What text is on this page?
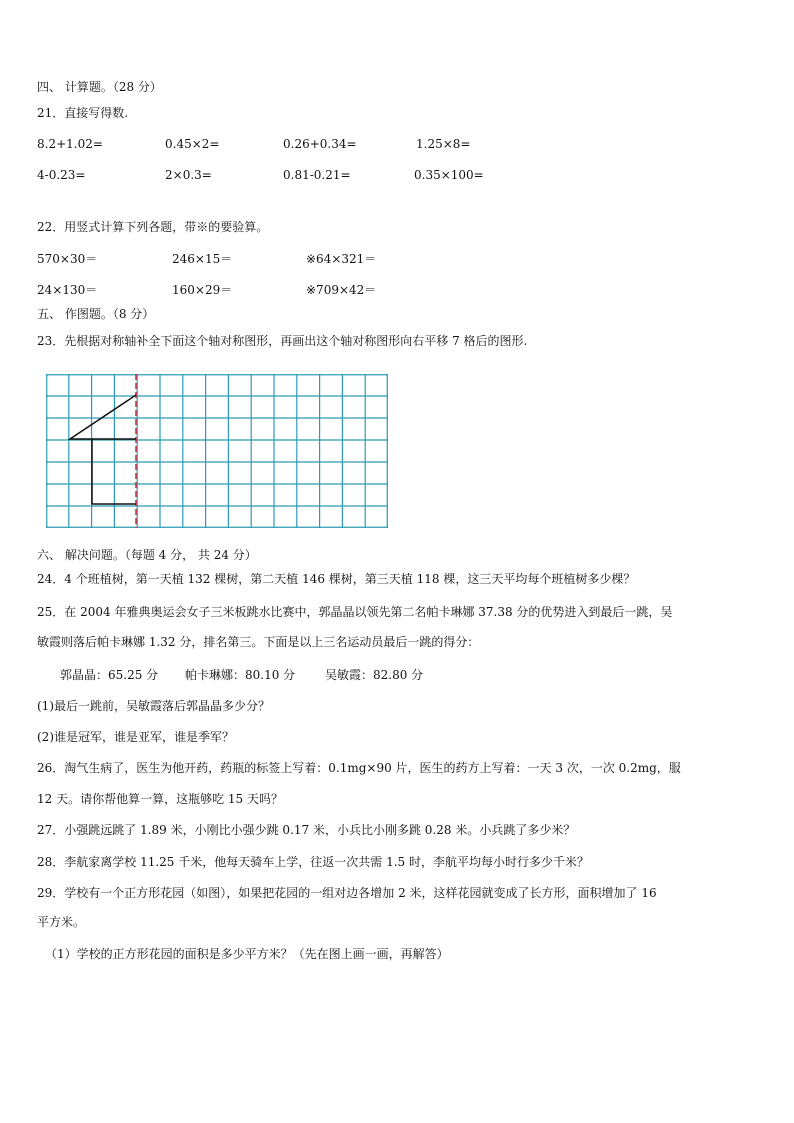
四、 计算题。（28 分）
21．直接写得数.
8.2+1.02=	0.45×2=	0.26+0.34=	1.25×8=
4-0.23=	2×0.3=	0.81-0.21=	0.35×100=
22．用竖式计算下列各题，带※的要验算。
570×30＝	246×15＝	※64×321＝
24×130＝	160×29＝	※709×42＝
五、 作图题。（8 分）
23．先根据对称轴补全下面这个轴对称图形，再画出这个轴对称图形向右平移 7 格后的图形.
六、 解决问题。（每题 4 分， 共 24 分）
24．4 个班植树，第一天植 132 棵树，第二天植 146 棵树，第三天植 118 棵，这三天平均每个班植树多少棵？
25．在 2004 年雅典奥运会女子三米板跳水比赛中，郭晶晶以领先第二名帕卡琳娜 37.38 分的优势进入到最后一跳，吴
敏霞则落后帕卡琳娜 1.32 分，排名第三。下面是以上三名运动员最后一跳的得分：
郭晶晶：65.25 分 帕卡琳娜：80.10 分 吴敏霞：82.80 分
(1)最后一跳前，吴敏霞落后郭晶晶多少分？
(2)谁是冠军，谁是亚军，谁是季军？
26．淘气生病了，医生为他开药，药瓶的标签上写着：0.1mg×90 片，医生的药方上写着：一天 3 次，一次 0.2mg，服
12 天。请你帮他算一算，这瓶够吃 15 天吗？
27．小强跳远跳了 1.89 米，小刚比小强少跳 0.17 米，小兵比小刚多跳 0.28 米。小兵跳了多少米？
28．李航家离学校 11.25 千米，他每天骑车上学，往返一次共需 1.5 时，李航平均每小时行多少千米？
29．学校有一个正方形花园（如图），如果把花园的一组对边各增加 2 米，这样花园就变成了长方形，面积增加了 16
平方米。
（1）学校的正方形花园的面积是多少平方米？（先在图上画一画，再解答）
